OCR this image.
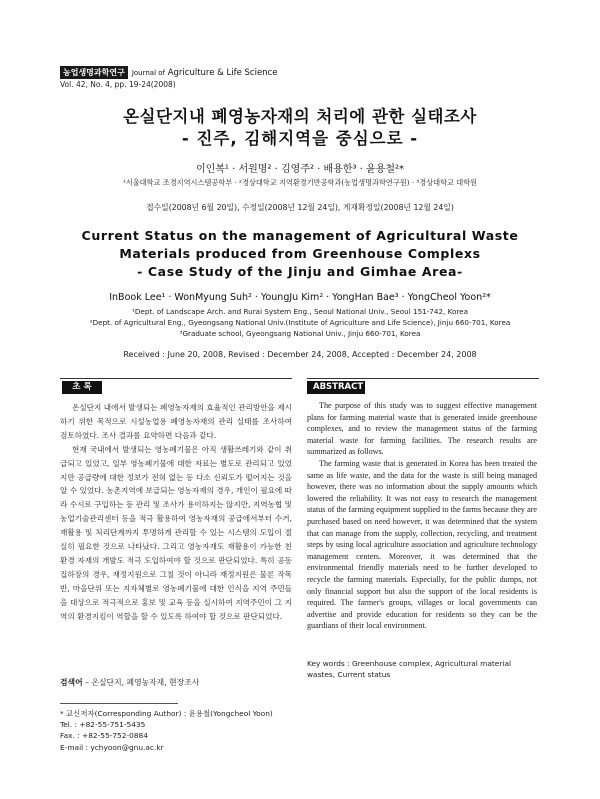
농업생명과학연구	Journal of Agriculture & Life Science
Vol. 42, No. 4, pp. 19-24(2008)
온실단지내 폐영농자재의 처리에 관한 실태조사
- 진주, 김해지역을 중심으로 -
이인복¹ · 서원명² · 김영주² · 배용한³ · 윤용철²*
¹서울대학교 조경지역시스템공학부 · ²경상대학교 지역환경기반공학과(농업생명과학연구원) · ³경상대학교 대학원
접수일(2008년 6월 20일), 수정일(2008년 12월 24일), 게재확정일(2008년 12월 24일)
Current Status on the management of Agricultural Waste
Materials produced from Greenhouse Complexs
- Case Study of the Jinju and Gimhae Area-
InBook Lee¹ · WonMyung Suh² · YoungJu Kim² · YongHan Bae³ · YongCheol Yoon²*
¹Dept. of Landscape Arch. and Rurai System Eng., Seoul National Univ., Seoul 151-742, Korea
²Dept. of Agricultural Eng., Gyeongsang National Univ.(Institute of Agriculture and Life Science), Jinju 660-701, Korea
³Graduate school, Gyeongsang National Univ., Jinju 660-701, Korea
Received : June 20, 2008, Revised : December 24, 2008, Accepted : December 24, 2008
초 록	ABSTRACT

온실단지 내에서 발생되는 폐영농자재의 효율적인 관리방안을 제시하기 위한 목적으로 시설농업용 폐영농자재의 관리 실태를 조사하여 검토하였다. 조사 결과를 요약하면 다음과 같다.

현재 국내에서 발생되는 영농폐기물은 아직 생활쓰레기와 같이 취급되고 있었고, 일부 영농폐기물에 대한 자료는 별도로 관리되고 있었지만 공급량에 대한 정보가 전혀 없는 등 다소 신뢰도가 떨어지는 것을 알 수 있었다. 농촌지역에 보급되는 영농자재의 경우, 개인이 필요에 따라 수시로 구입하는 등 관리 및 조사가 용이하지는 않지만, 지역농협 및 농업기술관리센터 등을 적극 활용하여 영농자재의 공급에서부터 수거, 재활용 및 처리단계까지 투명하게 관리할 수 있는 시스템의 도입이 절실히 필요한 것으로 나타났다. 그리고 영농자재도 재활용이 가능한 친환경 자재의 개발도 적극 도입하여야 할 것으로 판단되었다. 특히 공동 집하장의 경우, 재정지원으로 그칠 것이 아니라 재정지원은 물론 작목반, 마을단위 또는 지자체별로 영농폐기물에 대한 인식을 지역 주민들을 대상으로 적극적으로 홍보 및 교육 등을 실시하여 지역주민이 그 지역의 환경지킴이 역할을 할 수 있도록 하여야 할 것으로 판단되었다.

The purpose of this study was to suggest effective management plans for farming material waste that is generated inside greenhouse complexes, and to review the management status of the farming material waste for farming facilities. The research results are summarized as follows.

The farming waste that is generated in Korea has been treated the same as life waste, and the data for the waste is still being managed however, there was no information about the supply amounts which lowered the reliability. It was not easy to research the management status of the farming equipment supplied to the farms because they are purchased based on need however, it was determined that the system that can manage from the supply, collection, recycling, and treatment steps by using local agriculture association and agriculture technology management centers. Moreover, it was determined that the environmental friendly materials need to be further developed to recycle the farming materials. Especially, for the public dumps, not only financial support but also the support of the local residents is required. The farmer's groups, villages or local governments can advertise and provide education for residents so they can be the guardians of their local environment.

검색어 – 온실단지, 폐영농자재, 현장조사
Key words : Greenhouse complex, Agricultural material wastes, Current status
* 교신저자(Corresponding Author) : 윤용철(Yongcheol Yoon)
Tel. : +82-55-751-5435
Fax. : +82-55-752-0884
E-mail : ychyoon@gnu.ac.kr
